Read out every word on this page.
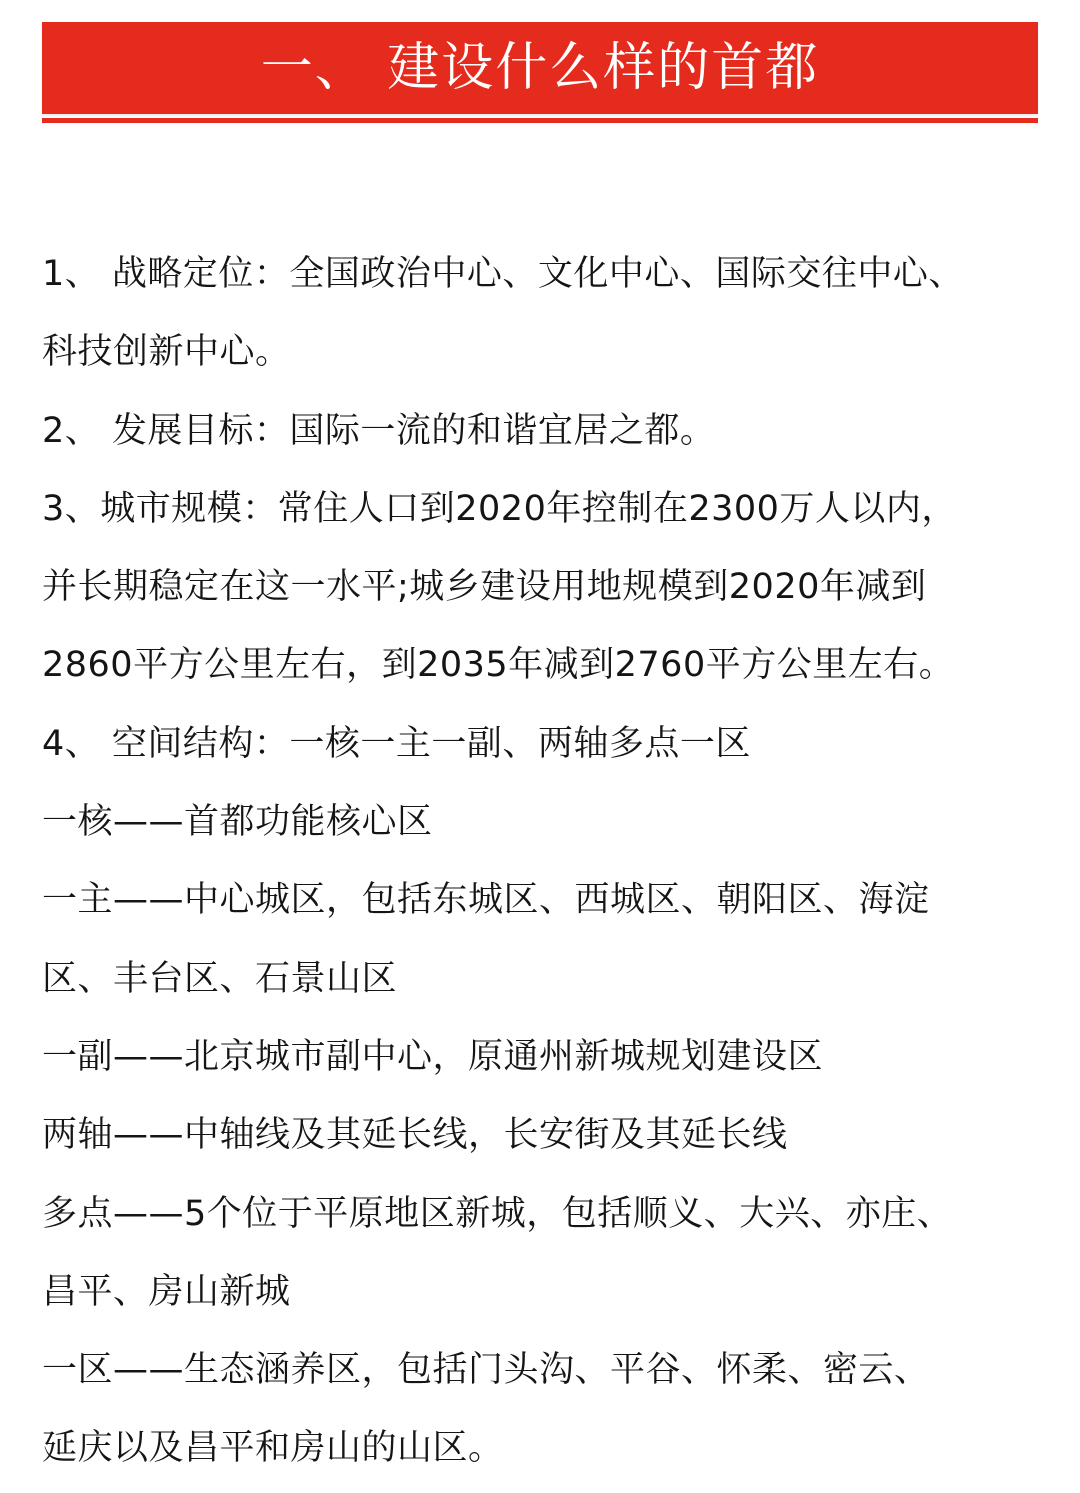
一、 建设什么样的首都
1、 战略定位：全国政治中心、文化中心、国际交往中心、
科技创新中心。
2、 发展目标：国际一流的和谐宜居之都。
3、城市规模：常住人口到2020年控制在2300万人以内，
并长期稳定在这一水平;城乡建设用地规模到2020年减到
2860平方公里左右，到2035年减到2760平方公里左右。
4、 空间结构：一核一主一副、两轴多点一区
一核——首都功能核心区
一主——中心城区，包括东城区、西城区、朝阳区、海淀
区、丰台区、石景山区
一副——北京城市副中心，原通州新城规划建设区
两轴——中轴线及其延长线，长安街及其延长线
多点——5个位于平原地区新城，包括顺义、大兴、亦庄、
昌平、房山新城
一区——生态涵养区，包括门头沟、平谷、怀柔、密云、
延庆以及昌平和房山的山区。
